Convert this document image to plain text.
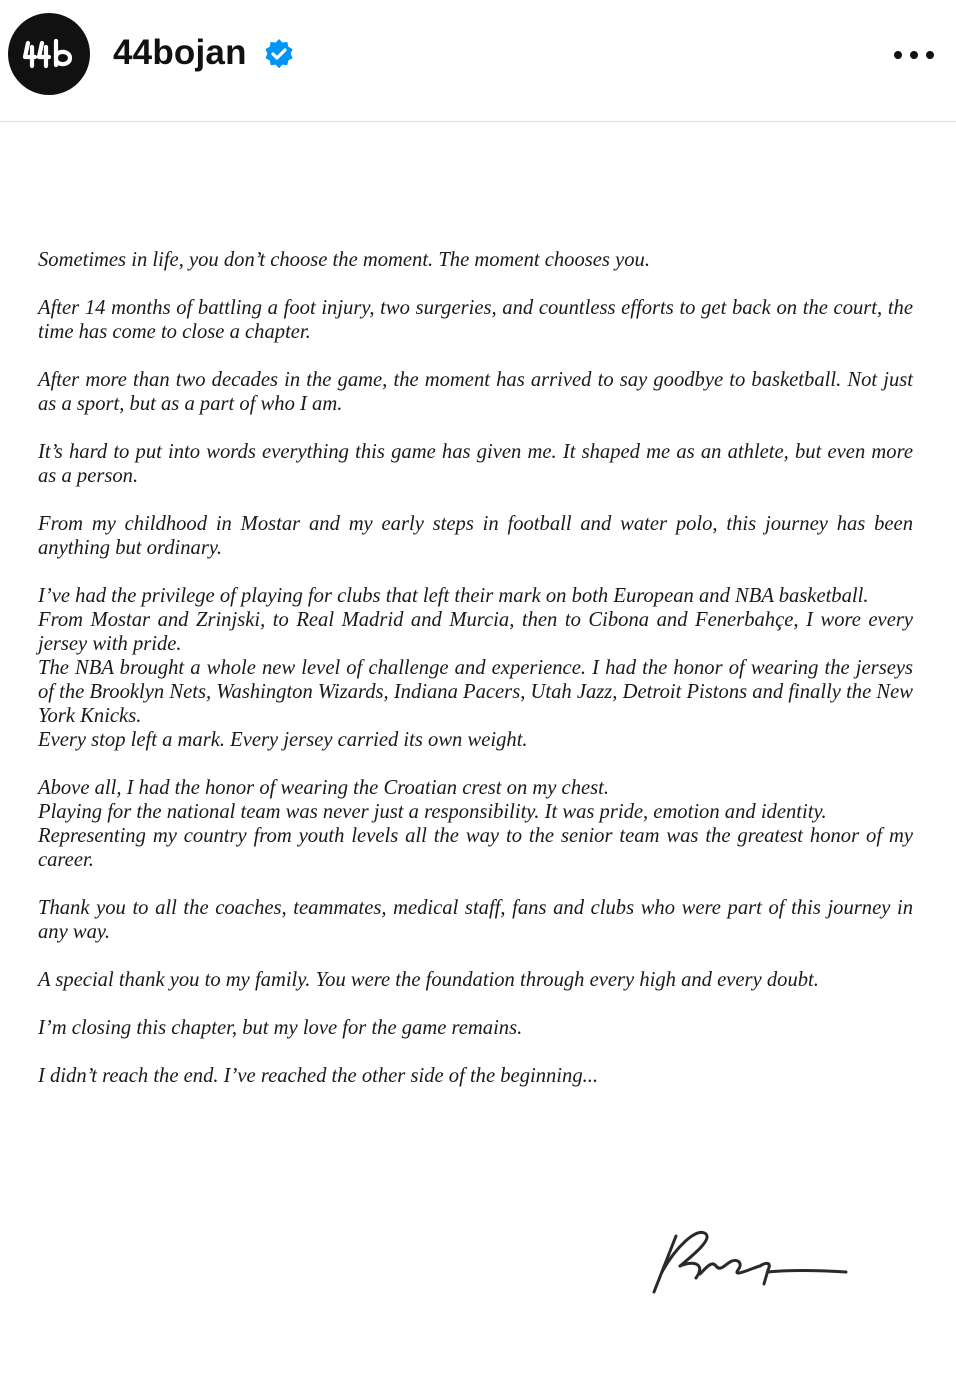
44bojan

Sometimes in life, you don’t choose the moment. The moment chooses you.

After 14 months of battling a foot injury, two surgeries, and countless efforts to get back on the court, the time has come to close a chapter.

After more than two decades in the game, the moment has arrived to say goodbye to basketball. Not just as a sport, but as a part of who I am.

It’s hard to put into words everything this game has given me. It shaped me as an athlete, but even more as a person.

From my childhood in Mostar and my early steps in football and water polo, this journey has been anything but ordinary.

I’ve had the privilege of playing for clubs that left their mark on both European and NBA basketball.
From Mostar and Zrinjski, to Real Madrid and Murcia, then to Cibona and Fenerbahçe, I wore every jersey with pride.
The NBA brought a whole new level of challenge and experience. I had the honor of wearing the jerseys of the Brooklyn Nets, Washington Wizards, Indiana Pacers, Utah Jazz, Detroit Pistons and finally the New York Knicks.
Every stop left a mark. Every jersey carried its own weight.

Above all, I had the honor of wearing the Croatian crest on my chest.
Playing for the national team was never just a responsibility. It was pride, emotion and identity.
Representing my country from youth levels all the way to the senior team was the greatest honor of my career.

Thank you to all the coaches, teammates, medical staff, fans and clubs who were part of this journey in any way.

A special thank you to my family. You were the foundation through every high and every doubt.

I’m closing this chapter, but my love for the game remains.

I didn’t reach the end. I’ve reached the other side of the beginning...
